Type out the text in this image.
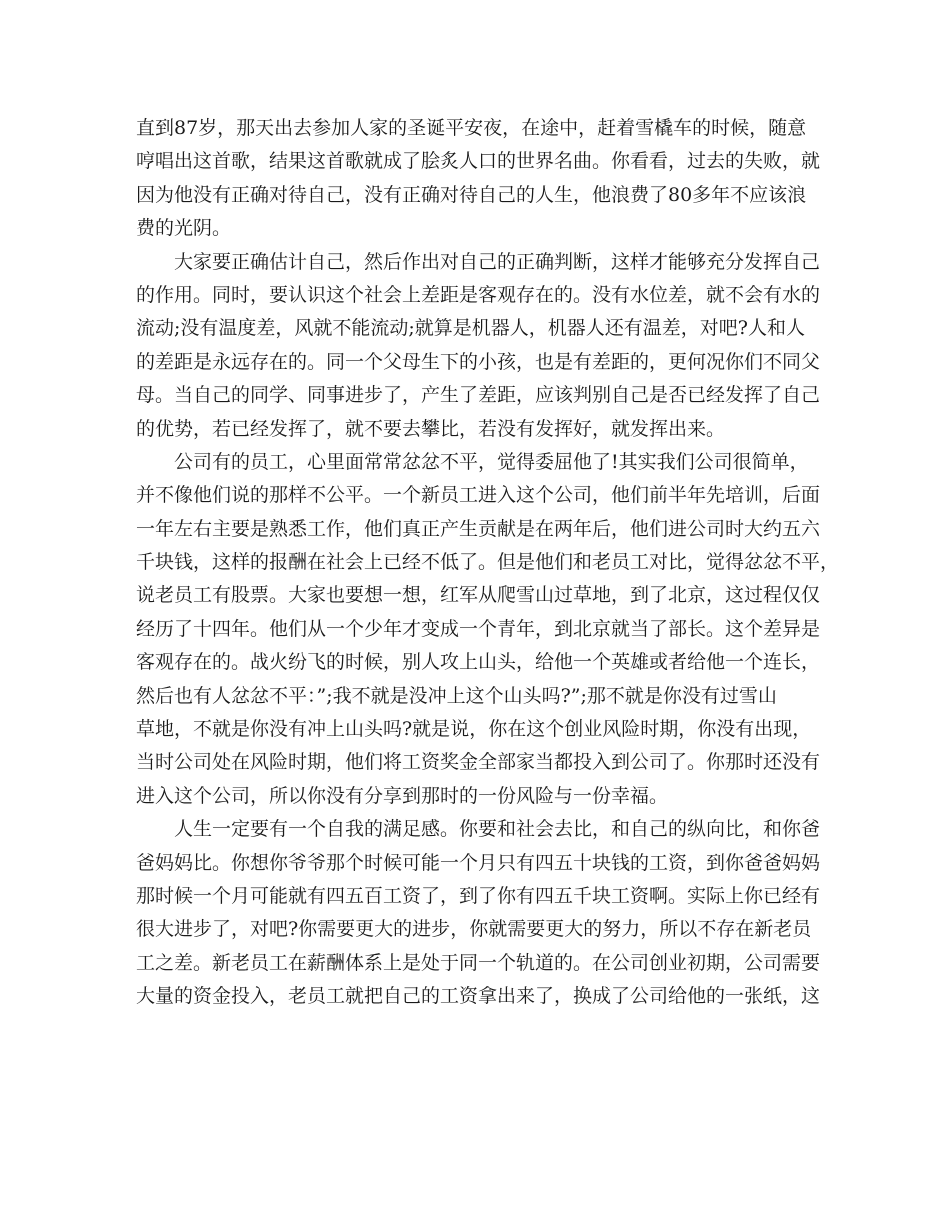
直到87岁，那天出去参加人家的圣诞平安夜，在途中，赶着雪橇车的时候，随意
哼唱出这首歌，结果这首歌就成了脍炙人口的世界名曲。你看看，过去的失败，就
因为他没有正确对待自己，没有正确对待自己的人生，他浪费了80多年不应该浪
费的光阴。
大家要正确估计自己，然后作出对自己的正确判断，这样才能够充分发挥自己
的作用。同时，要认识这个社会上差距是客观存在的。没有水位差，就不会有水的
流动;没有温度差，风就不能流动;就算是机器人，机器人还有温差，对吧?人和人
的差距是永远存在的。同一个父母生下的小孩，也是有差距的，更何况你们不同父
母。当自己的同学、同事进步了，产生了差距，应该判别自己是否已经发挥了自己
的优势，若已经发挥了，就不要去攀比，若没有发挥好，就发挥出来。
公司有的员工，心里面常常忿忿不平，觉得委屈他了!其实我们公司很简单，
并不像他们说的那样不公平。一个新员工进入这个公司，他们前半年先培训，后面
一年左右主要是熟悉工作，他们真正产生贡献是在两年后，他们进公司时大约五六
千块钱，这样的报酬在社会上已经不低了。但是他们和老员工对比，觉得忿忿不平，
说老员工有股票。大家也要想一想，红军从爬雪山过草地，到了北京，这过程仅仅
经历了十四年。他们从一个少年才变成一个青年，到北京就当了部长。这个差异是
客观存在的。战火纷飞的时候，别人攻上山头，给他一个英雄或者给他一个连长，
然后也有人忿忿不平：”;我不就是没冲上这个山头吗?”;那不就是你没有过雪山
草地，不就是你没有冲上山头吗?就是说，你在这个创业风险时期，你没有出现，
当时公司处在风险时期，他们将工资奖金全部家当都投入到公司了。你那时还没有
进入这个公司，所以你没有分享到那时的一份风险与一份幸福。
人生一定要有一个自我的满足感。你要和社会去比，和自己的纵向比，和你爸
爸妈妈比。你想你爷爷那个时候可能一个月只有四五十块钱的工资，到你爸爸妈妈
那时候一个月可能就有四五百工资了，到了你有四五千块工资啊。实际上你已经有
很大进步了，对吧?你需要更大的进步，你就需要更大的努力，所以不存在新老员
工之差。新老员工在薪酬体系上是处于同一个轨道的。在公司创业初期，公司需要
大量的资金投入，老员工就把自己的工资拿出来了，换成了公司给他的一张纸，这
